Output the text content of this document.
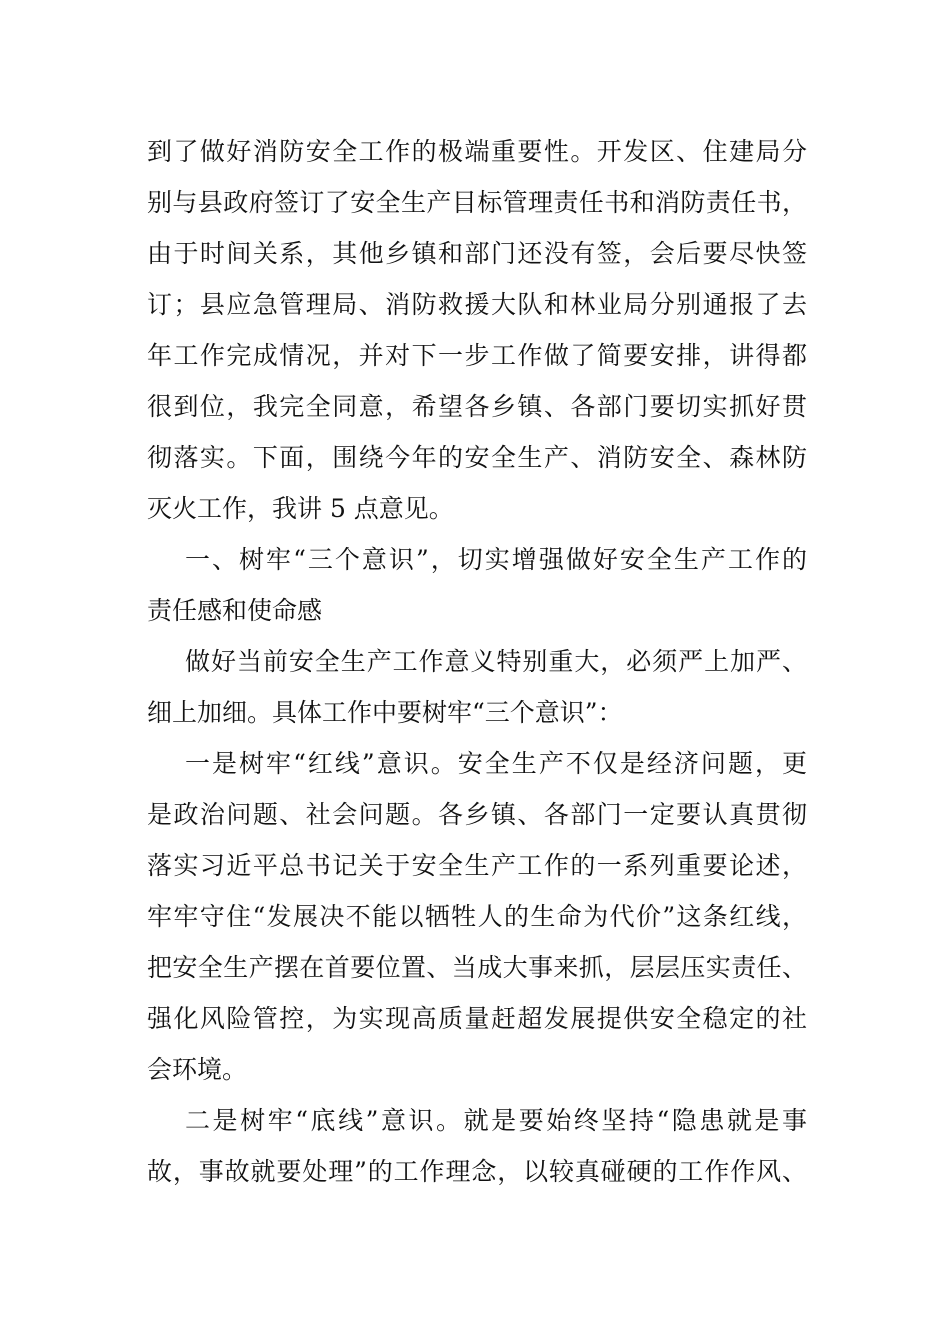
到了做好消防安全工作的极端重要性。开发区、住建局分
别与县政府签订了安全生产目标管理责任书和消防责任书，
由于时间关系，其他乡镇和部门还没有签，会后要尽快签
订；县应急管理局、消防救援大队和林业局分别通报了去
年工作完成情况，并对下一步工作做了简要安排，讲得都
很到位，我完全同意，希望各乡镇、各部门要切实抓好贯
彻落实。下面，围绕今年的安全生产、消防安全、森林防
灭火工作，我讲 5 点意见。
一、树牢“三个意识”，切实增强做好安全生产工作的
责任感和使命感
做好当前安全生产工作意义特别重大，必须严上加严、
细上加细。具体工作中要树牢“三个意识”：
一是树牢“红线”意识。安全生产不仅是经济问题，更
是政治问题、社会问题。各乡镇、各部门一定要认真贯彻
落实习近平总书记关于安全生产工作的一系列重要论述，
牢牢守住“发展决不能以牺牲人的生命为代价”这条红线，
把安全生产摆在首要位置、当成大事来抓，层层压实责任、
强化风险管控，为实现高质量赶超发展提供安全稳定的社
会环境。
二是树牢“底线”意识。就是要始终坚持“隐患就是事
故，事故就要处理”的工作理念，以较真碰硬的工作作风、
